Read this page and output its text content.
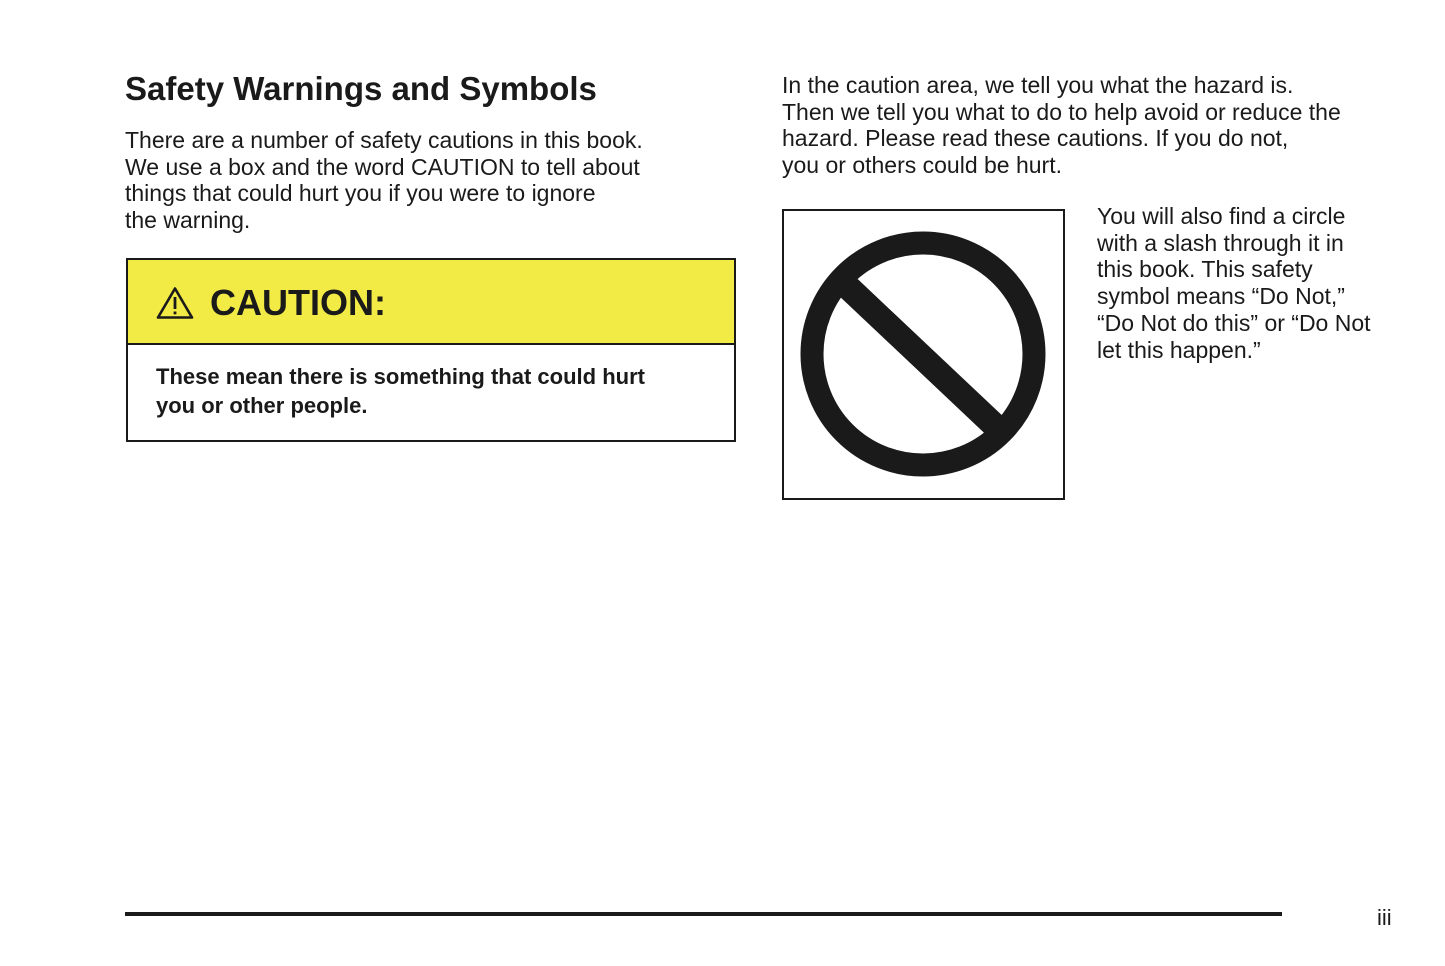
Safety Warnings and Symbols

There are a number of safety cautions in this book.
We use a box and the word CAUTION to tell about
things that could hurt you if you were to ignore
the warning.

CAUTION:
These mean there is something that could hurt
you or other people.

In the caution area, we tell you what the hazard is.
Then we tell you what to do to help avoid or reduce the
hazard. Please read these cautions. If you do not,
you or others could be hurt.

You will also find a circle
with a slash through it in
this book. This safety
symbol means “Do Not,”
“Do Not do this” or “Do Not
let this happen.”

iii
